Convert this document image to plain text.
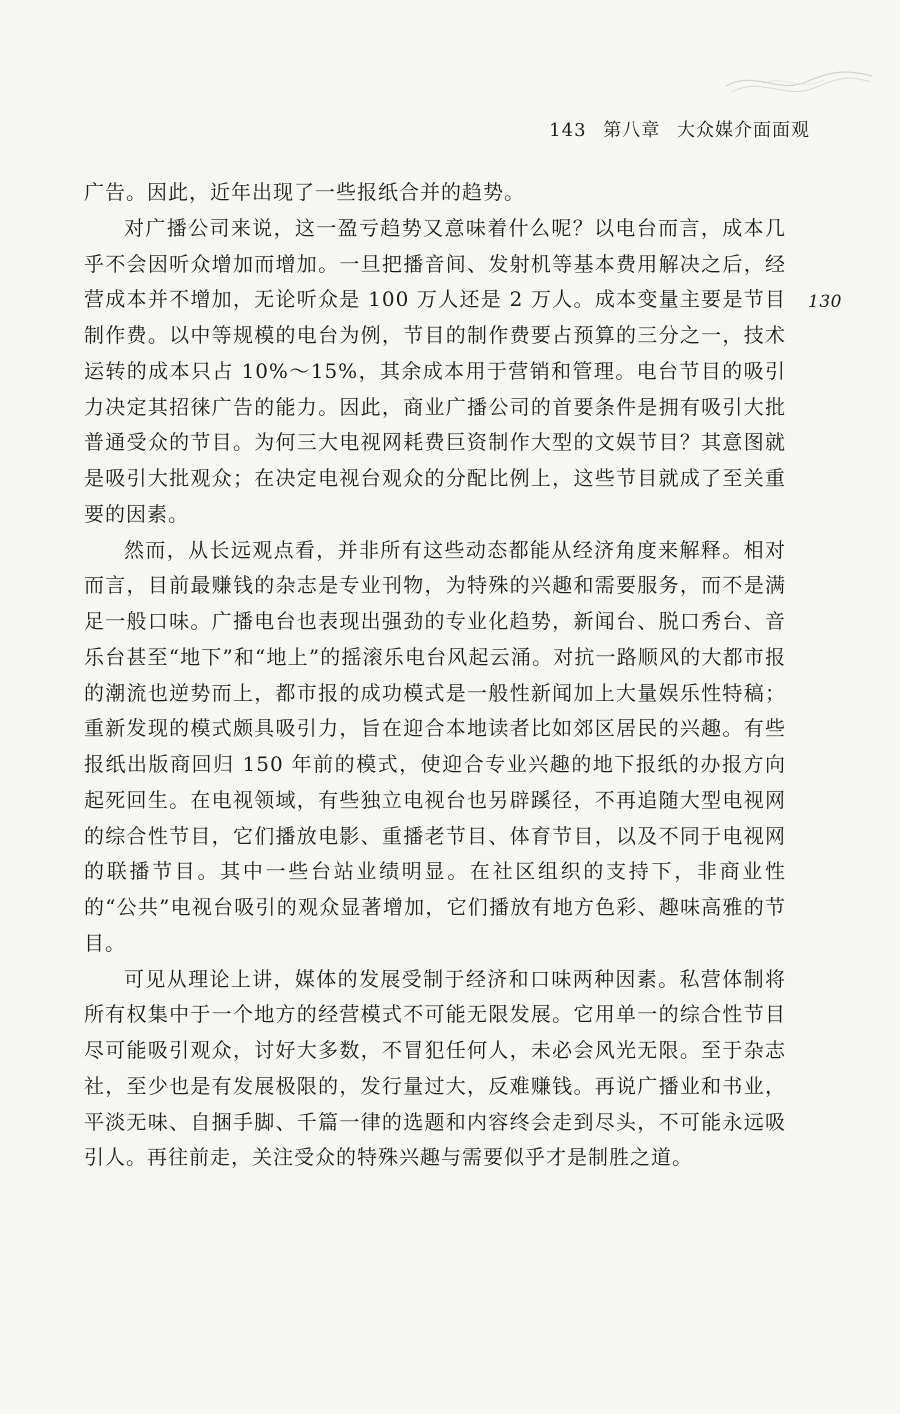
143 第八章 大众媒介面面观
130

广告。因此，近年出现了一些报纸合并的趋势。

对广播公司来说，这一盈亏趋势又意味着什么呢？以电台而言，成本几乎不会因听众增加而增加。一旦把播音间、发射机等基本费用解决之后，经营成本并不增加，无论听众是 100 万人还是 2 万人。成本变量主要是节目制作费。以中等规模的电台为例，节目的制作费要占预算的三分之一，技术运转的成本只占 10%～15%，其余成本用于营销和管理。电台节目的吸引力决定其招徕广告的能力。因此，商业广播公司的首要条件是拥有吸引大批普通受众的节目。为何三大电视网耗费巨资制作大型的文娱节目？其意图就是吸引大批观众；在决定电视台观众的分配比例上，这些节目就成了至关重要的因素。

然而，从长远观点看，并非所有这些动态都能从经济角度来解释。相对而言，目前最赚钱的杂志是专业刊物，为特殊的兴趣和需要服务，而不是满足一般口味。广播电台也表现出强劲的专业化趋势，新闻台、脱口秀台、音乐台甚至“地下”和“地上”的摇滚乐电台风起云涌。对抗一路顺风的大都市报的潮流也逆势而上，都市报的成功模式是一般性新闻加上大量娱乐性特稿；重新发现的模式颇具吸引力，旨在迎合本地读者比如郊区居民的兴趣。有些报纸出版商回归 150 年前的模式，使迎合专业兴趣的地下报纸的办报方向起死回生。在电视领域，有些独立电视台也另辟蹊径，不再追随大型电视网的综合性节目，它们播放电影、重播老节目、体育节目，以及不同于电视网的联播节目。其中一些台站业绩明显。在社区组织的支持下，非商业性的“公共”电视台吸引的观众显著增加，它们播放有地方色彩、趣味高雅的节目。

可见从理论上讲，媒体的发展受制于经济和口味两种因素。私营体制将所有权集中于一个地方的经营模式不可能无限发展。它用单一的综合性节目尽可能吸引观众，讨好大多数，不冒犯任何人，未必会风光无限。至于杂志社，至少也是有发展极限的，发行量过大，反难赚钱。再说广播业和书业，平淡无味、自捆手脚、千篇一律的选题和内容终会走到尽头，不可能永远吸引人。再往前走，关注受众的特殊兴趣与需要似乎才是制胜之道。
